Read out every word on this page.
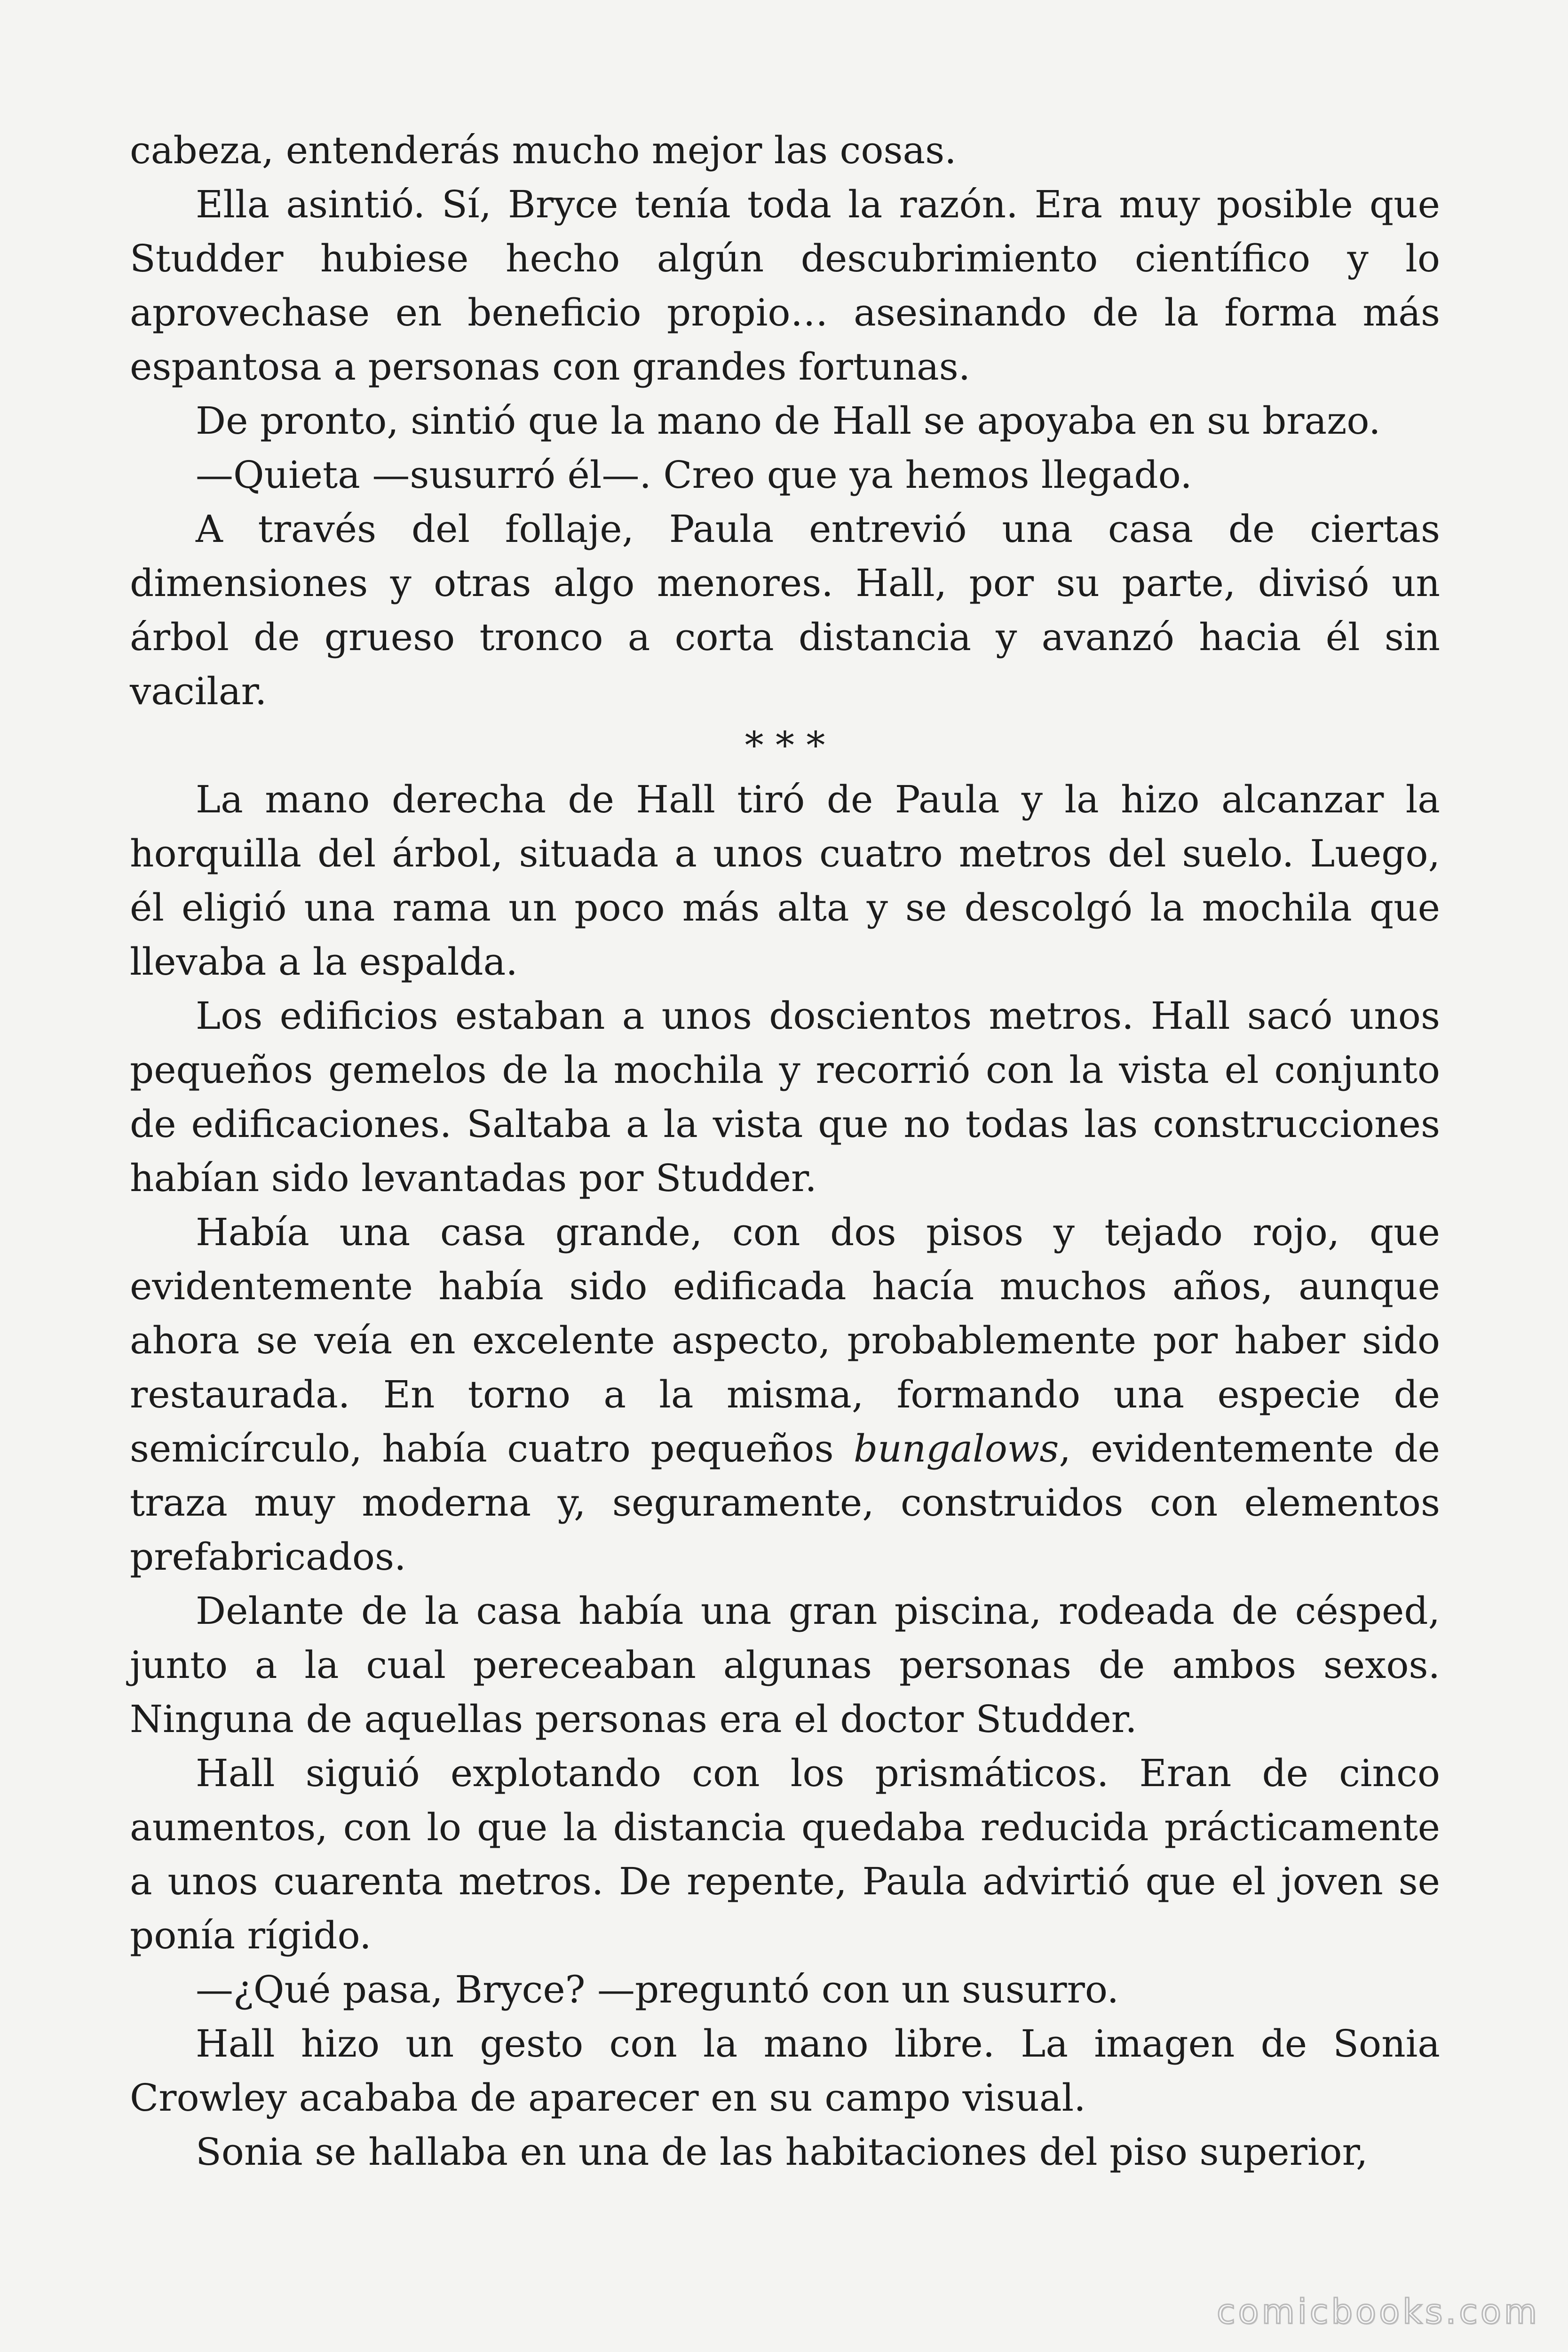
cabeza, entenderás mucho mejor las cosas.

Ella asintió. Sí, Bryce tenía toda la razón. Era muy posible que Studder hubiese hecho algún descubrimiento científico y lo aprovechase en beneficio propio… asesinando de la forma más espantosa a personas con grandes fortunas.

De pronto, sintió que la mano de Hall se apoyaba en su brazo.

—Quieta —susurró él—. Creo que ya hemos llegado.

A través del follaje, Paula entrevió una casa de ciertas dimensiones y otras algo menores. Hall, por su parte, divisó un árbol de grueso tronco a corta distancia y avanzó hacia él sin vacilar.

* * *

La mano derecha de Hall tiró de Paula y la hizo alcanzar la horquilla del árbol, situada a unos cuatro metros del suelo. Luego, él eligió una rama un poco más alta y se descolgó la mochila que llevaba a la espalda.

Los edificios estaban a unos doscientos metros. Hall sacó unos pequeños gemelos de la mochila y recorrió con la vista el conjunto de edificaciones. Saltaba a la vista que no todas las construcciones habían sido levantadas por Studder.

Había una casa grande, con dos pisos y tejado rojo, que evidentemente había sido edificada hacía muchos años, aunque ahora se veía en excelente aspecto, probablemente por haber sido restaurada. En torno a la misma, formando una especie de semicírculo, había cuatro pequeños bungalows, evidentemente de traza muy moderna y, seguramente, construidos con elementos prefabricados.

Delante de la casa había una gran piscina, rodeada de césped, junto a la cual pereceaban algunas personas de ambos sexos. Ninguna de aquellas personas era el doctor Studder.

Hall siguió explotando con los prismáticos. Eran de cinco aumentos, con lo que la distancia quedaba reducida prácticamente a unos cuarenta metros. De repente, Paula advirtió que el joven se ponía rígido.

—¿Qué pasa, Bryce? —preguntó con un susurro.

Hall hizo un gesto con la mano libre. La imagen de Sonia Crowley acababa de aparecer en su campo visual.

Sonia se hallaba en una de las habitaciones del piso superior,

comicbooks.com
